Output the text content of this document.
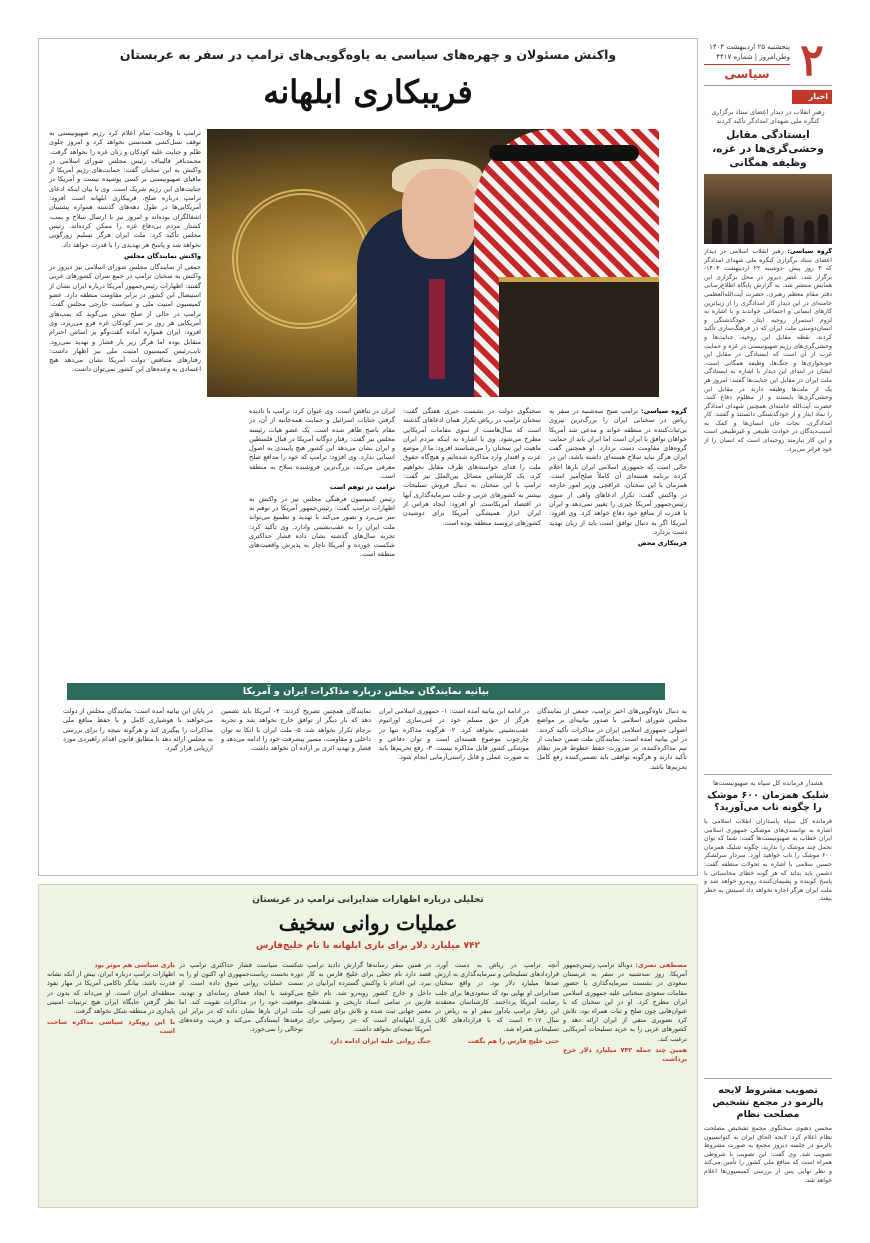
۲
پنجشنبه ۲۵ اردیبهشت ۱۴۰۴
وطن‌امروز | شماره ۴۴۱۷
سیاسی
اخبار
رهبر انقلاب در دیدار اعضای ستاد برگزاری کنگره ملی شهدای امدادگر تأکید کردند
ایستادگی مقابل وحشی‌گری‌ها در غزه، وظیفه همگانی
گروه سیاسی: رهبر انقلاب اسلامی در دیدار اعضای ستاد برگزاری کنگره ملی شهدای امدادگر که ۳ روز پیش -دوشنبه ۲۲ اردیبهشت ۱۴۰۴- برگزار شد، عصر دیروز در محل برگزاری این همایش منتشر شد. به گزارش پایگاه اطلاع‌رسانی دفتر مقام معظم رهبری، حضرت آیت‌الله‌العظمی خامنه‌ای در این دیدار کار امدادگری را از زیباترین کارهای انسانی و اجتماعی خواندند و با اشاره به لزوم استمرار روحیه ایثار، خودگذشتگی و انسان‌دوستی ملت ایران که در فرهنگ‌سازی تأکید کردند، نقطه مقابل این روحیه، جنایت‌ها و وحشی‌گری‌های رژیم صهیونیستی در غزه و حمایت غرب از آن است که ایستادگی در مقابل این خونخواری‌ها و جنگ‌ها، وظیفه همگانی است. ایشان در ابتدای این دیدار با اشاره به ایستادگی ملت ایران در مقابل این جنایت‌ها گفتند: امروز هر یک از ملت‌ها وظیفه دارند در مقابل این وحشی‌گری‌ها بایستند و از مظلوم دفاع کنند. حضرت آیت‌الله خامنه‌ای همچنین شهدای امدادگر را نماد ایثار و از خودگذشتگی دانستند و گفتند: کار امدادگری، نجات جان انسان‌ها و کمک به آسیب‌دیدگان در حوادث طبیعی و غیرطبیعی است و این کار نیازمند روحیه‌ای است که انسان را از خود فراتر می‌برد.
هشدار فرمانده کل سپاه به صهیونیست‌ها
شلیک همزمان ۶۰۰ موشک را چگونه تاب می‌آورید؟
فرمانده کل سپاه پاسداران انقلاب اسلامی با اشاره به توانمندی‌های موشکی جمهوری اسلامی ایران خطاب به صهیونیست‌ها گفت: شما که توان تحمل چند موشک را ندارید، چگونه شلیک همزمان ۶۰۰ موشک را تاب خواهید آورد. سردار سرلشکر حسین سلامی با اشاره به تحولات منطقه گفت: دشمن باید بداند که هر گونه خطای محاسباتی با پاسخ کوبنده و پشیمان‌کننده روبه‌رو خواهد شد و ملت ایران هرگز اجازه نخواهد داد امنیتش به خطر بیفتد.
تصویب مشروط لایحه پالرمو در مجمع تشخیص مصلحت نظام
محسن دهنوی سخنگوی مجمع تشخیص مصلحت نظام اعلام کرد: لایحه الحاق ایران به کنوانسیون پالرمو در جلسه دیروز مجمع به صورت مشروط تصویب شد. وی گفت: این تصویب با شروطی همراه است که منافع ملی کشور را تأمین می‌کند و نظر نهایی پس از بررسی کمیسیون‌ها اعلام خواهد شد.
واکنش مسئولان و چهره‌های سیاسی به یاوه‌گویی‌های ترامپ در سفر به عربستان
فریبکاری ابلهانه
ترامپ با وقاحت تمام اعلام کرد رژیم صهیونیستی به توقف نسل‌کشی همدستی نخواهد کرد و امروز جلوی ظلم و جنایت علیه کودکان و زنان غزه را نخواهد گرفت. محمدباقر قالیباف رئیس مجلس شورای اسلامی در واکنش به این سخنان گفت: حمایت‌های رژیم آمریکا از مافیای صهیونیستی بر کسی پوشیده نیست و آمریکا در جنایت‌های این رژیم شریک است. وی با بیان اینکه ادعای ترامپ درباره صلح، فریبکاری ابلهانه است افزود: آمریکایی‌ها در طول دهه‌های گذشته همواره پشتیبان اشغالگران بوده‌اند و امروز نیز با ارسال سلاح و بمب، کشتار مردم بی‌دفاع غزه را ممکن کرده‌اند. رئیس مجلس تأکید کرد: ملت ایران هرگز تسلیم زورگویی نخواهد شد و پاسخ هر تهدیدی را با قدرت خواهد داد.
واکنش نمایندگان مجلس
جمعی از نمایندگان مجلس شورای اسلامی نیز دیروز در واکنش به سخنان ترامپ در جمع سران کشورهای عربی گفتند: اظهارات رئیس‌جمهور آمریکا درباره ایران نشان از استیصال این کشور در برابر مقاومت منطقه دارد. عضو کمیسیون امنیت ملی و سیاست خارجی مجلس گفت: ترامپ در حالی از صلح سخن می‌گوید که بمب‌های آمریکایی هر روز بر سر کودکان غزه فرو می‌ریزد. وی افزود: ایران همواره آماده گفت‌وگو بر اساس احترام متقابل بوده اما هرگز زیر بار فشار و تهدید نمی‌رود. نایب‌رئیس کمیسیون امنیت ملی نیز اظهار داشت: رفتارهای متناقض دولت آمریکا نشان می‌دهد هیچ اعتمادی به وعده‌های این کشور نمی‌توان داشت.
گروه سیاسی: ترامپ صبح سه‌شنبه در سفر به ریاض در سخنانی ایران را بزرگ‌ترین نیروی بی‌ثبات‌کننده در منطقه خواند و مدعی شد آمریکا خواهان توافق با ایران است اما ایران باید از حمایت گروه‌های مقاومت دست بردارد. او همچنین گفت ایران هرگز نباید سلاح هسته‌ای داشته باشد. این در حالی است که جمهوری اسلامی ایران بارها اعلام کرده برنامه هسته‌ای آن کاملاً صلح‌آمیز است. همزمان با این سخنان، عراقچی وزیر امور خارجه در واکنش گفت: تکرار ادعاهای واهی از سوی رئیس‌جمهور آمریکا چیزی را تغییر نمی‌دهد و ایران با قدرت از منافع خود دفاع خواهد کرد. وی افزود: آمریکا اگر به دنبال توافق است باید از زبان تهدید دست بردارد.
فریبکاری محض
سخنگوی دولت در نشست خبری هفتگی گفت: سخنان ترامپ در ریاض تکرار همان ادعاهای گذشته است که سال‌هاست از سوی مقامات آمریکایی مطرح می‌شود. وی با اشاره به اینکه مردم ایران ماهیت این سخنان را می‌شناسند افزود: ما از موضع عزت و اقتدار وارد مذاکره شده‌ایم و هیچ‌گاه حقوق ملت را فدای خواسته‌های طرف مقابل نخواهیم کرد. یک کارشناس مسائل بین‌الملل نیز گفت: ترامپ با این سخنان به دنبال فروش تسلیحات بیشتر به کشورهای عربی و جلب سرمایه‌گذاری آنها در اقتصاد آمریکاست. او افزود: ایجاد هراس از ایران ابزار همیشگی آمریکا برای دوشیدن کشورهای ثروتمند منطقه بوده است.
ایران در تناقض است. وی عنوان کرد: ترامپ با نادیده گرفتن جنایات اسرائیل و حمایت همه‌جانبه از آن، در مقام ناصح ظاهر شده است. یک عضو هیات رئیسه مجلس نیز گفت: رفتار دوگانه آمریکا در قبال فلسطین و ایران نشان می‌دهد این کشور هیچ پایبندی به اصول انسانی ندارد. وی افزود: ترامپ که خود را مدافع صلح معرفی می‌کند، بزرگ‌ترین فروشنده سلاح به منطقه است.
ترامپ در توهم است
رئیس کمیسیون فرهنگی مجلس نیز در واکنش به اظهارات ترامپ گفت: رئیس‌جمهور آمریکا در توهم به سر می‌برد و تصور می‌کند با تهدید و تطمیع می‌تواند ملت ایران را به عقب‌نشینی وادارد. وی تأکید کرد: تجربه سال‌های گذشته نشان داده فشار حداکثری شکست خورده و آمریکا ناچار به پذیرش واقعیت‌های منطقه است.
بیانیه نمایندگان مجلس درباره مذاکرات ایران و آمریکا
به دنبال یاوه‌گویی‌های اخیر ترامپ، جمعی از نمایندگان مجلس شورای اسلامی با صدور بیانیه‌ای بر مواضع اصولی جمهوری اسلامی ایران در مذاکرات تأکید کردند. در این بیانیه آمده است: نمایندگان ملت ضمن حمایت از تیم مذاکره‌کننده، بر ضرورت حفظ خطوط قرمز نظام تأکید دارند و هرگونه توافقی باید تضمین‌کننده رفع کامل تحریم‌ها باشد.
در ادامه این بیانیه آمده است: ۱- جمهوری اسلامی ایران هرگز از حق مسلم خود در غنی‌سازی اورانیوم عقب‌نشینی نخواهد کرد. ۲- هرگونه مذاکره تنها در چارچوب موضوع هسته‌ای است و توان دفاعی و موشکی کشور قابل مذاکره نیست. ۳- رفع تحریم‌ها باید به صورت عملی و قابل راستی‌آزمایی انجام شود.
نمایندگان همچنین تصریح کردند: ۴- آمریکا باید تضمین دهد که بار دیگر از توافق خارج نخواهد شد و تجربه برجام تکرار نخواهد شد. ۵- ملت ایران با اتکا به توان داخلی و مقاومت، مسیر پیشرفت خود را ادامه می‌دهد و فشار و تهدید اثری بر اراده آن نخواهد داشت.
در پایان این بیانیه آمده است: نمایندگان مجلس از دولت می‌خواهند با هوشیاری کامل و با حفظ منافع ملی مذاکرات را پیگیری کند و هرگونه نتیجه را برای بررسی به مجلس ارائه دهد تا مطابق قانون اقدام راهبردی مورد ارزیابی قرار گیرد.
تحلیلی درباره اظهارات ضدایرانی ترامپ در عربستان
عملیات روانی سخیف
۷۴۲ میلیارد دلار برای بازی ابلهانه با نام خلیج‌فارس
مصطفی نصری: دونالد ترامپ رئیس‌جمهور آمریکا، روز سه‌شنبه در سفر به عربستان سعودی در نشست سرمایه‌گذاری با حضور مقامات سعودی سخنانی علیه جمهوری اسلامی ایران مطرح کرد. او در این سخنان که با عنوان‌هایی چون صلح و ثبات همراه بود، تلاش کرد تصویری منفی از ایران ارائه دهد و کشورهای عربی را به خرید تسلیحات آمریکایی ترغیب کند.
همین چند جمله ۷۴۲ میلیارد دلار خرج برداشت
آنچه ترامپ در ریاض به دست آورد، قراردادهای تسلیحاتی و سرمایه‌گذاری به ارزش صدها میلیارد دلار بود. در واقع سخنان ضدایرانی او بهایی بود که سعودی‌ها برای جلب رضایت آمریکا پرداختند. کارشناسان معتقدند این رفتار ترامپ یادآور سفر او به ریاض در سال ۲۰۱۷ است که با قراردادهای کلان تسلیحاتی همراه شد.
حتی خلیج فارس را هم نگفت
در همین سفر رسانه‌ها گزارش دادند ترامپ قصد دارد نام جعلی برای خلیج فارس به کار ببرد. این اقدام با واکنش گسترده ایرانیان در داخل و خارج کشور روبه‌رو شد. نام خلیج فارس در تمامی اسناد تاریخی و نقشه‌های معتبر جهانی ثبت شده و تلاش برای تغییر آن، بازی ابلهانه‌ای است که جز رسوایی برای آمریکا نتیجه‌ای نخواهد داشت.
جنگ روانی علیه ایران ادامه دارد
شکست سیاست فشار حداکثری ترامپ در دوره نخست ریاست‌جمهوری او، اکنون او را به سمت عملیات روانی سوق داده است. او می‌کوشد با ایجاد فضای رسانه‌ای و تهدید، موقعیت خود را در مذاکرات تقویت کند. اما ملت ایران بارها نشان داده که در برابر این ترفندها ایستادگی می‌کند و فریب وعده‌های توخالی را نمی‌خورد.
بازی سیاسی هم موثر بود
اظهارات ترامپ درباره ایران، بیش از آنکه نشانه قدرت باشد، بیانگر ناکامی آمریکا در مهار نفوذ منطقه‌ای ایران است. او می‌داند که بدون در نظر گرفتن جایگاه ایران هیچ ترتیبات امنیتی پایداری در منطقه شکل نخواهد گرفت.
با این رویکرد سیاسی مذاکره ساخت است
